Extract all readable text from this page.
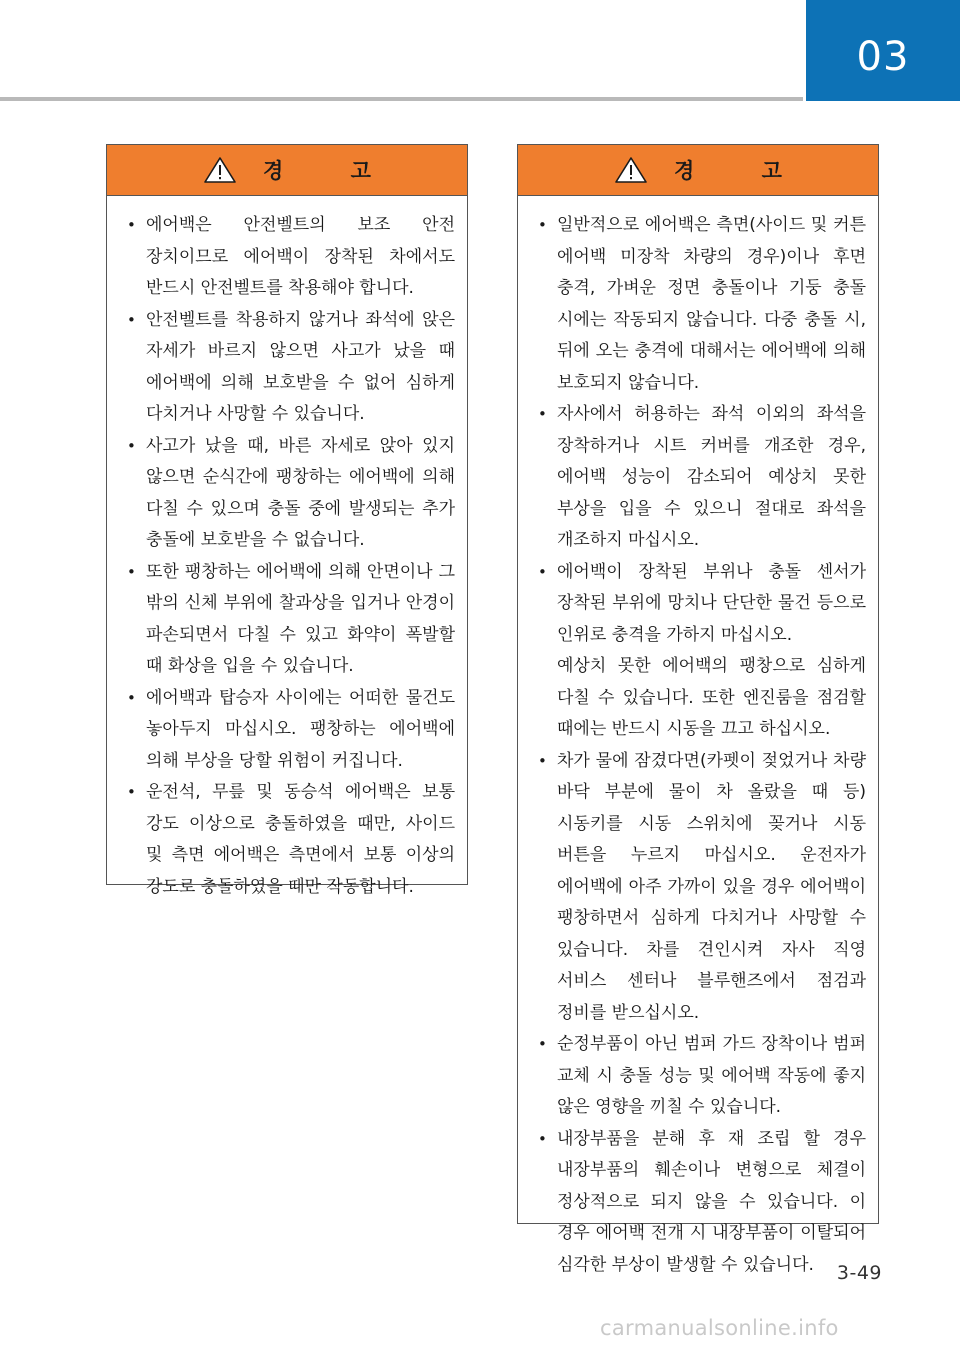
03
경 고
• 에어백은 안전벨트의 보조 안전 장치이므로 에어백이 장착된 차에서도 반드시 안전벨트를 착용해야 합니다.
• 안전벨트를 착용하지 않거나 좌석에 앉은 자세가 바르지 않으면 사고가 났을 때 에어백에 의해 보호받을 수 없어 심하게 다치거나 사망할 수 있습니다.
• 사고가 났을 때, 바른 자세로 앉아 있지 않으면 순식간에 팽창하는 에어백에 의해 다칠 수 있으며 충돌 중에 발생되는 추가 충돌에 보호받을 수 없습니다.
• 또한 팽창하는 에어백에 의해 안면이나 그 밖의 신체 부위에 찰과상을 입거나 안경이 파손되면서 다칠 수 있고 화약이 폭발할 때 화상을 입을 수 있습니다.
• 에어백과 탑승자 사이에는 어떠한 물건도 놓아두지 마십시오. 팽창하는 에어백에 의해 부상을 당할 위험이 커집니다.
• 운전석, 무릎 및 동승석 에어백은 보통 강도 이상으로 충돌하였을 때만, 사이드 및 측면 에어백은 측면에서 보통 이상의 강도로 충돌하였을 때만 작동합니다.
경 고
• 일반적으로 에어백은 측면(사이드 및 커튼 에어백 미장착 차량의 경우)이나 후면 충격, 가벼운 정면 충돌이나 기둥 충돌 시에는 작동되지 않습니다. 다중 충돌 시, 뒤에 오는 충격에 대해서는 에어백에 의해 보호되지 않습니다.
• 자사에서 허용하는 좌석 이외의 좌석을 장착하거나 시트 커버를 개조한 경우, 에어백 성능이 감소되어 예상치 못한 부상을 입을 수 있으니 절대로 좌석을 개조하지 마십시오.
• 에어백이 장착된 부위나 충돌 센서가 장착된 부위에 망치나 단단한 물건 등으로 인위로 충격을 가하지 마십시오.
예상치 못한 에어백의 팽창으로 심하게 다칠 수 있습니다. 또한 엔진룸을 점검할 때에는 반드시 시동을 끄고 하십시오.
• 차가 물에 잠겼다면(카펫이 젖었거나 차량 바닥 부분에 물이 차 올랐을 때 등) 시동키를 시동 스위치에 꽂거나 시동 버튼을 누르지 마십시오. 운전자가 에어백에 아주 가까이 있을 경우 에어백이 팽창하면서 심하게 다치거나 사망할 수 있습니다. 차를 견인시켜 자사 직영 서비스 센터나 블루핸즈에서 점검과 정비를 받으십시오.
• 순정부품이 아닌 범퍼 가드 장착이나 범퍼 교체 시 충돌 성능 및 에어백 작동에 좋지 않은 영향을 끼칠 수 있습니다.
• 내장부품을 분해 후 재 조립 할 경우 내장부품의 훼손이나 변형으로 체결이 정상적으로 되지 않을 수 있습니다. 이 경우 에어백 전개 시 내장부품이 이탈되어 심각한 부상이 발생할 수 있습니다.	3-49
carmanualsonline.info
